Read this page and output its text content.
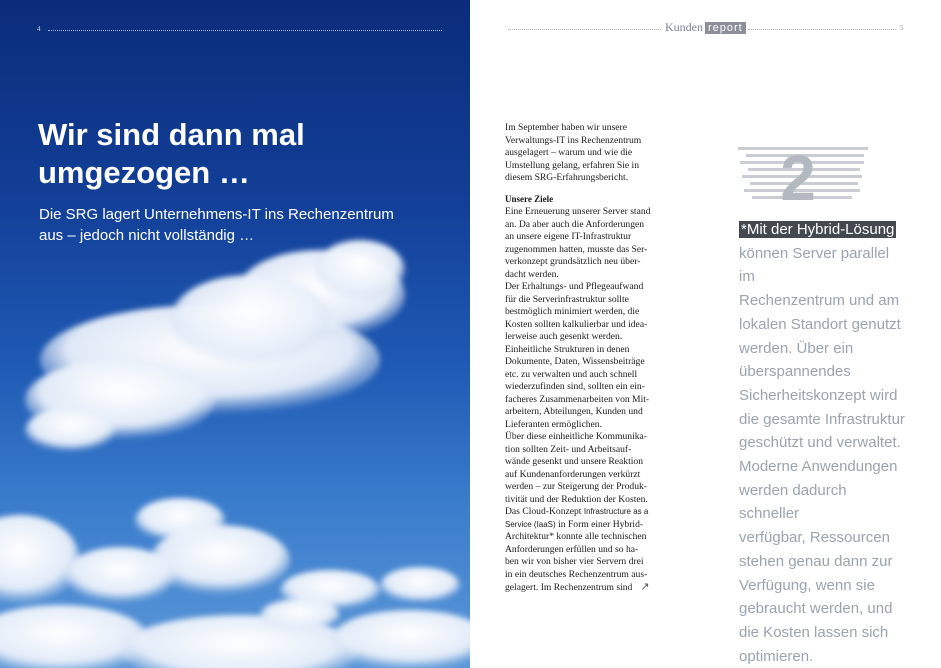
4
Wir sind dann mal
umgezogen …
Die SRG lagert Unternehmens-IT ins Rechenzentrum
aus – jedoch nicht vollständig …
Kunden report	5

Im September haben wir unsere
Verwaltungs-IT ins Rechenzentrum
ausgelagert – warum und wie die
Umstellung gelang, erfahren Sie in
diesem SRG-Erfahrungsbericht.

Unsere Ziele

Eine Erneuerung unserer Server stand
an. Da aber auch die Anforderungen
an unsere eigene IT-Infrastruktur
zugenommen hatten, musste das Ser-
verkonzept grundsätzlich neu über-
dacht werden.
Der Erhaltungs- und Pflegeaufwand
für die Serverinfrastruktur sollte
bestmöglich minimiert werden, die
Kosten sollten kalkulierbar und idea-
lerweise auch gesenkt werden.
Einheitliche Strukturen in denen
Dokumente, Daten, Wissensbeiträge
etc. zu verwalten und auch schnell
wiederzufinden sind, sollten ein ein-
facheres Zusammenarbeiten von Mit-
arbeitern, Abteilungen, Kunden und
Lieferanten ermöglichen.
Über diese einheitliche Kommunika-
tion sollten Zeit- und Arbeitsauf-
wände gesenkt und unsere Reaktion
auf Kundenanforderungen verkürzt
werden – zur Steigerung der Produk-
tivität und der Reduktion der Kosten.
Das Cloud-Konzept Infrastructure as a
Service (IaaS) in Form einer Hybrid-
Architektur* konnte alle technischen
Anforderungen erfüllen und so ha-
ben wir von bisher vier Servern drei
in ein deutsches Rechenzentrum aus-
gelagert. Im Rechenzentrum sind ↗

2
*Mit der Hybrid-Lösung
können Server parallel im
Rechenzentrum und am
lokalen Standort genutzt
werden. Über ein
überspannendes
Sicherheitskonzept wird
die gesamte Infrastruktur
geschützt und verwaltet.
Moderne Anwendungen
werden dadurch schneller
verfügbar, Ressourcen
stehen genau dann zur
Verfügung, wenn sie
gebraucht werden, und
die Kosten lassen sich
optimieren.
